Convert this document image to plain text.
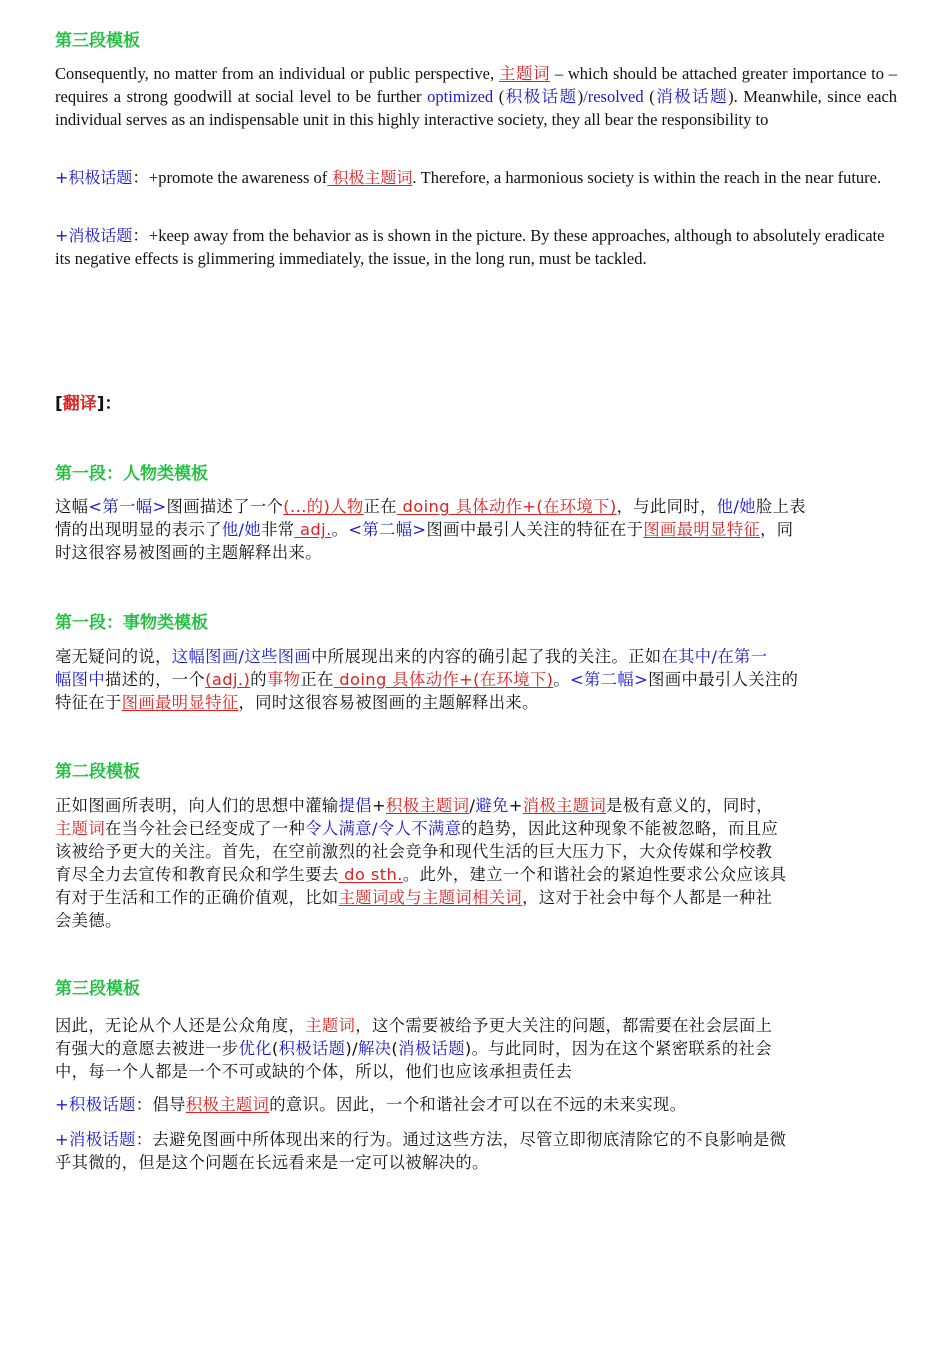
第三段模板
Consequently, no matter from an individual or public perspective, 主题词 – which should be attached greater importance to – requires a strong goodwill at social level to be further optimized (积极话题)/resolved (消极话题). Meanwhile, since each individual serves as an indispensable unit in this highly interactive society, they all bear the responsibility to
+积极话题：+promote the awareness of 积极主题词. Therefore, a harmonious society is within the reach in the near future.
+消极话题：+keep away from the behavior as is shown in the picture. By these approaches, although to absolutely eradicate its negative effects is glimmering immediately, the issue, in the long run, must be tackled.
[翻译]：
第一段：人物类模板
这幅<第一幅>图画描述了一个(...的)人物正在 doing 具体动作+(在环境下)，与此同时，他/她脸上表
情的出现明显的表示了他/她非常 adj.。<第二幅>图画中最引人关注的特征在于图画最明显特征，同
时这很容易被图画的主题解释出来。
第一段：事物类模板
毫无疑问的说，这幅图画/这些图画中所展现出来的内容的确引起了我的关注。正如在其中/在第一
幅图中描述的，一个(adj.)的事物正在 doing 具体动作+(在环境下)。<第二幅>图画中最引人关注的
特征在于图画最明显特征，同时这很容易被图画的主题解释出来。
第二段模板
正如图画所表明，向人们的思想中灌输提倡+积极主题词/避免+消极主题词是极有意义的，同时，
主题词在当今社会已经变成了一种令人满意/令人不满意的趋势，因此这种现象不能被忽略，而且应
该被给予更大的关注。首先，在空前激烈的社会竞争和现代生活的巨大压力下，大众传媒和学校教
育尽全力去宣传和教育民众和学生要去 do sth.。此外，建立一个和谐社会的紧迫性要求公众应该具
有对于生活和工作的正确价值观，比如主题词或与主题词相关词，这对于社会中每个人都是一种社
会美德。
第三段模板
因此，无论从个人还是公众角度，主题词，这个需要被给予更大关注的问题，都需要在社会层面上
有强大的意愿去被进一步优化(积极话题)/解决(消极话题)。与此同时，因为在这个紧密联系的社会
中，每一个人都是一个不可或缺的个体，所以，他们也应该承担责任去
+积极话题：倡导积极主题词的意识。因此，一个和谐社会才可以在不远的未来实现。
+消极话题：去避免图画中所体现出来的行为。通过这些方法，尽管立即彻底清除它的不良影响是微
乎其微的，但是这个问题在长远看来是一定可以被解决的。
